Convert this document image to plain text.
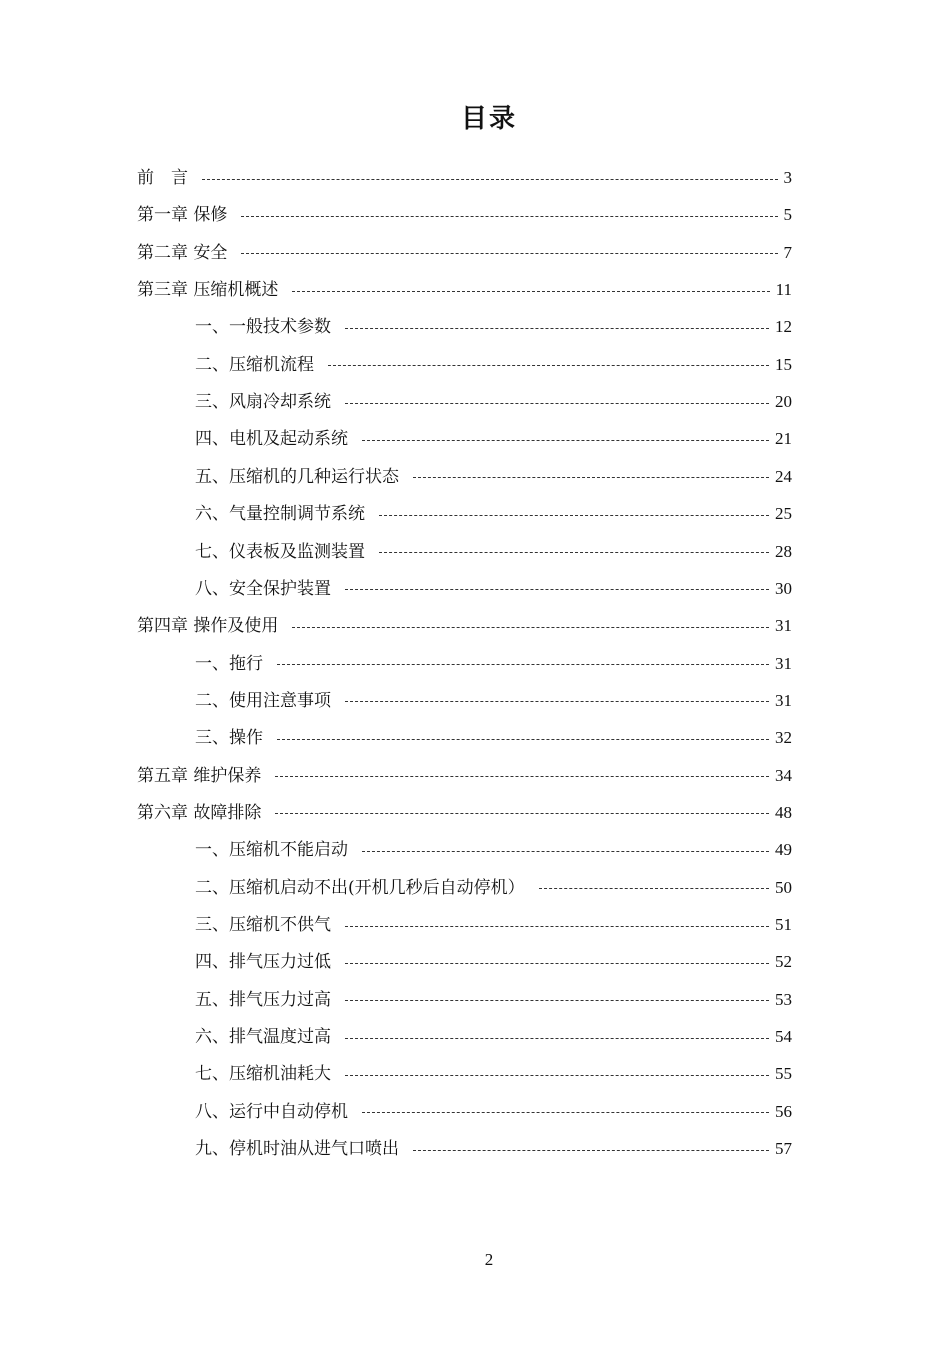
目录
前　言	3
第一章 保修	5
第二章 安全	7
第三章 压缩机概述	11
一、一般技术参数	12
二、压缩机流程	15
三、风扇冷却系统	20
四、电机及起动系统	21
五、压缩机的几种运行状态	24
六、气量控制调节系统	25
七、仪表板及监测装置	28
八、安全保护装置	30
第四章 操作及使用	31
一、拖行	31
二、使用注意事项	31
三、操作	32
第五章 维护保养	34
第六章 故障排除	48
一、压缩机不能启动	49
二、压缩机启动不出(开机几秒后自动停机）	50
三、压缩机不供气	51
四、排气压力过低	52
五、排气压力过高	53
六、排气温度过高	54
七、压缩机油耗大	55
八、运行中自动停机	56
九、停机时油从进气口喷出	57
2
